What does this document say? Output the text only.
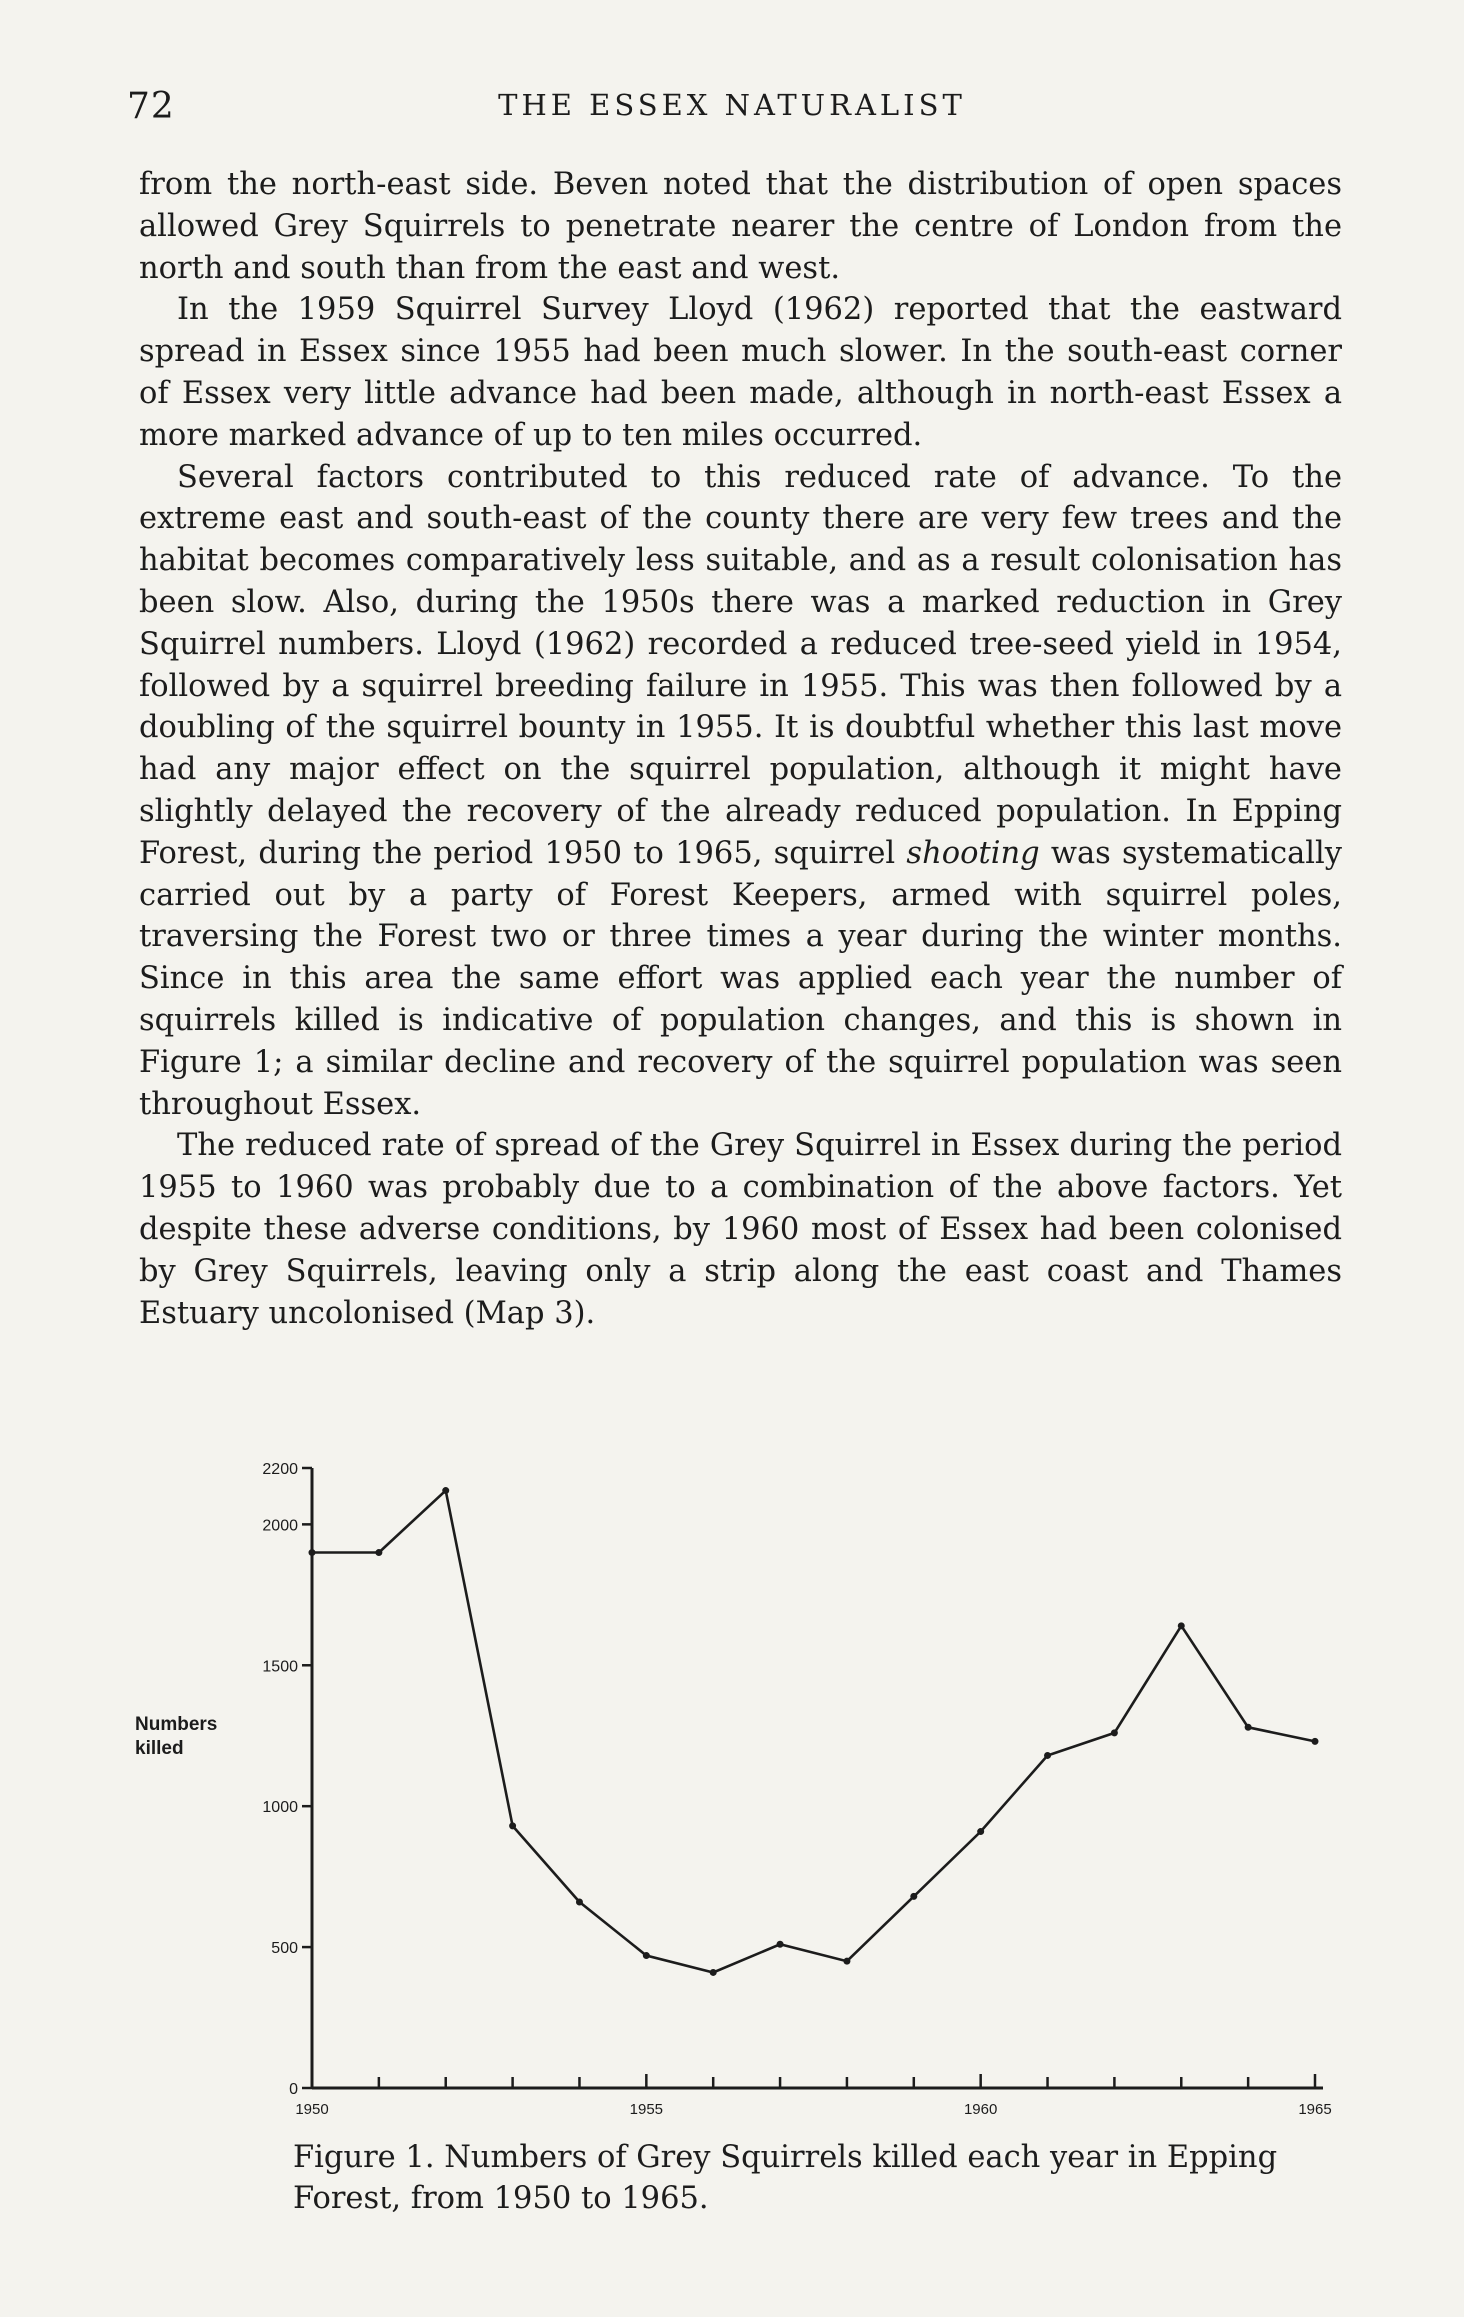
72	THE ESSEX NATURALIST

from the north-east side. Beven noted that the distribution of open spaces allowed Grey Squirrels to penetrate nearer the centre of London from the north and south than from the east and west.

In the 1959 Squirrel Survey Lloyd (1962) reported that the eastward spread in Essex since 1955 had been much slower. In the south-east corner of Essex very little advance had been made, although in north-east Essex a more marked advance of up to ten miles occurred.

Several factors contributed to this reduced rate of advance. To the extreme east and south-east of the county there are very few trees and the habitat becomes comparatively less suitable, and as a result colonisation has been slow. Also, during the 1950s there was a marked reduction in Grey Squirrel numbers. Lloyd (1962) recorded a reduced tree-seed yield in 1954, followed by a squirrel breeding failure in 1955. This was then followed by a doubling of the squirrel bounty in 1955. It is doubtful whether this last move had any major effect on the squirrel population, although it might have slightly delayed the recovery of the already reduced population. In Epping Forest, during the period 1950 to 1965, squirrel shooting was systematically carried out by a party of Forest Keepers, armed with squirrel poles, traversing the Forest two or three times a year during the winter months. Since in this area the same effort was applied each year the number of squirrels killed is indicative of population changes, and this is shown in Figure 1; a similar decline and recovery of the squirrel population was seen throughout Essex.

The reduced rate of spread of the Grey Squirrel in Essex during the period 1955 to 1960 was probably due to a combination of the above factors. Yet despite these adverse conditions, by 1960 most of Essex had been colonised by Grey Squirrels, leaving only a strip along the east coast and Thames Estuary uncolonised (Map 3).

0
500
1000
1500
2000
2200
1950	1955	1960	1965
Numbers killed
Figure 1. Numbers of Grey Squirrels killed each year in Epping Forest, from 1950 to 1965.
